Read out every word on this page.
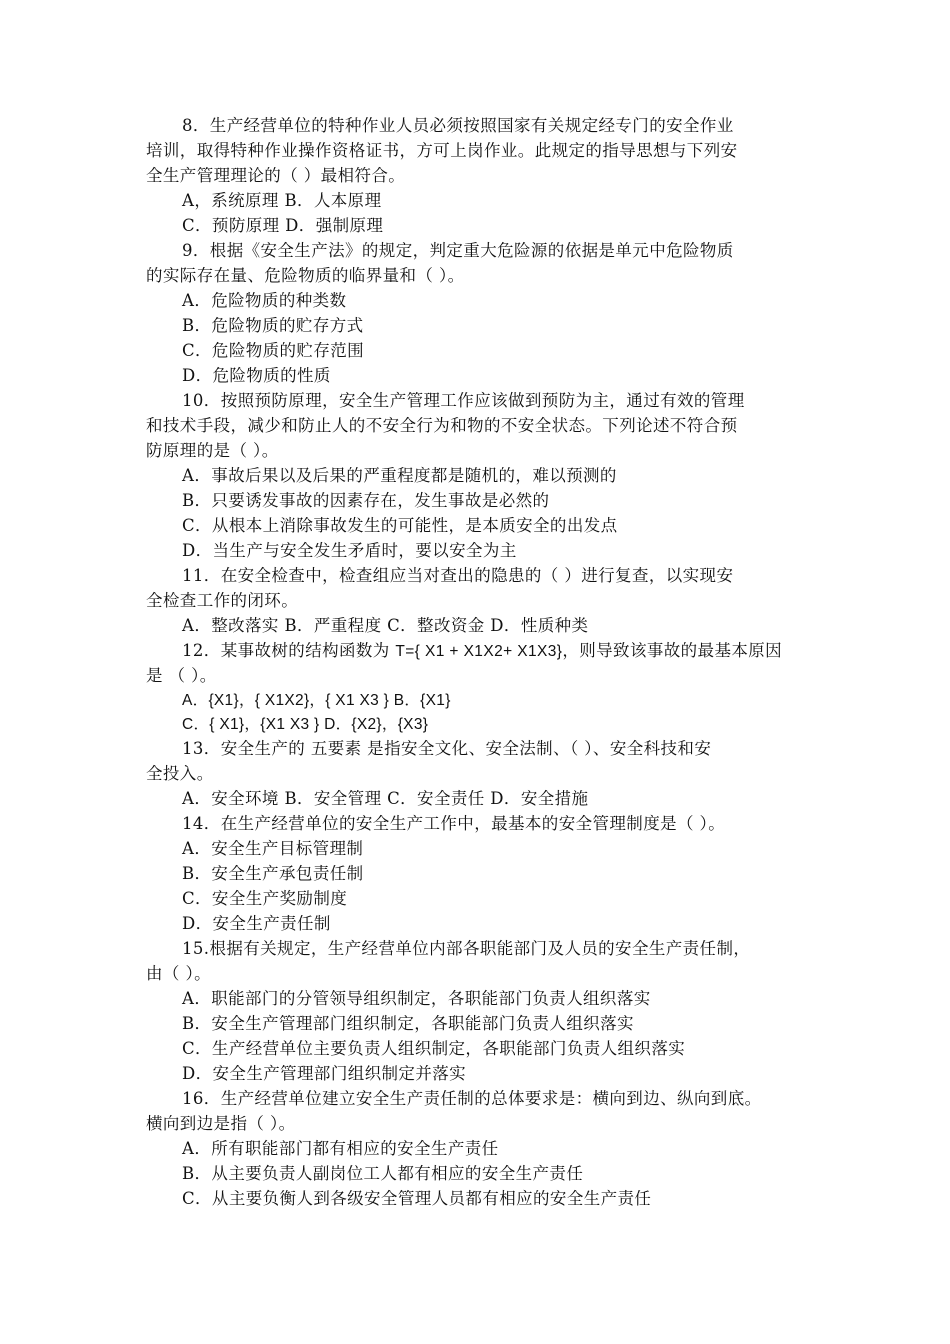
8．生产经营单位的特种作业人员必须按照国家有关规定经专门的安全作业
培训，取得特种作业操作资格证书，方可上岗作业。此规定的指导思想与下列安
全生产管理理论的（ ）最相符合。
A，系统原理 B．人本原理
C．预防原理 D．强制原理
9．根据《安全生产法》的规定，判定重大危险源的依据是单元中危险物质
的实际存在量、危险物质的临界量和（ ）。
A．危险物质的种类数
B．危险物质的贮存方式
C．危险物质的贮存范围
D．危险物质的性质
10．按照预防原理，安全生产管理工作应该做到预防为主，通过有效的管理
和技术手段，减少和防止人的不安全行为和物的不安全状态。下列论述不符合预
防原理的是（ ）。
A．事故后果以及后果的严重程度都是随机的，难以预测的
B．只要诱发事故的因素存在，发生事故是必然的
C．从根本上消除事故发生的可能性，是本质安全的出发点
D．当生产与安全发生矛盾时，要以安全为主
11．在安全检查中，检查组应当对查出的隐患的（ ）进行复查，以实现安
全检查工作的闭环。
A．整改落实 B．严重程度 C．整改资金 D．性质种类
12．某事故树的结构函数为 T={ X1 + X1X2+ X1X3}，则导致该事故的最基本原因
是 （ ）。
A．{X1}，{ X1X2}，{ X1 X3 } B．{X1}
C．{ X1}，{X1 X3 } D．{X2}，{X3}
13．安全生产的 五要素 是指安全文化、安全法制、（ ）、安全科技和安
全投入。
A．安全环境 B．安全管理 C．安全责任 D．安全措施
14．在生产经营单位的安全生产工作中，最基本的安全管理制度是（ ）。
A．安全生产目标管理制
B．安全生产承包责任制
C．安全生产奖励制度
D．安全生产责任制
15.根据有关规定，生产经营单位内部各职能部门及人员的安全生产责任制，
由（ ）。
A．职能部门的分管领导组织制定，各职能部门负责人组织落实
B．安全生产管理部门组织制定，各职能部门负责人组织落实
C．生产经营单位主要负责人组织制定，各职能部门负责人组织落实
D．安全生产管理部门组织制定并落实
16．生产经营单位建立安全生产责任制的总体要求是：横向到边、纵向到底。
横向到边是指（ ）。
A．所有职能部门都有相应的安全生产责任
B．从主要负责人副岗位工人都有相应的安全生产责任
C．从主要负衡人到各级安全管理人员都有相应的安全生产责任
